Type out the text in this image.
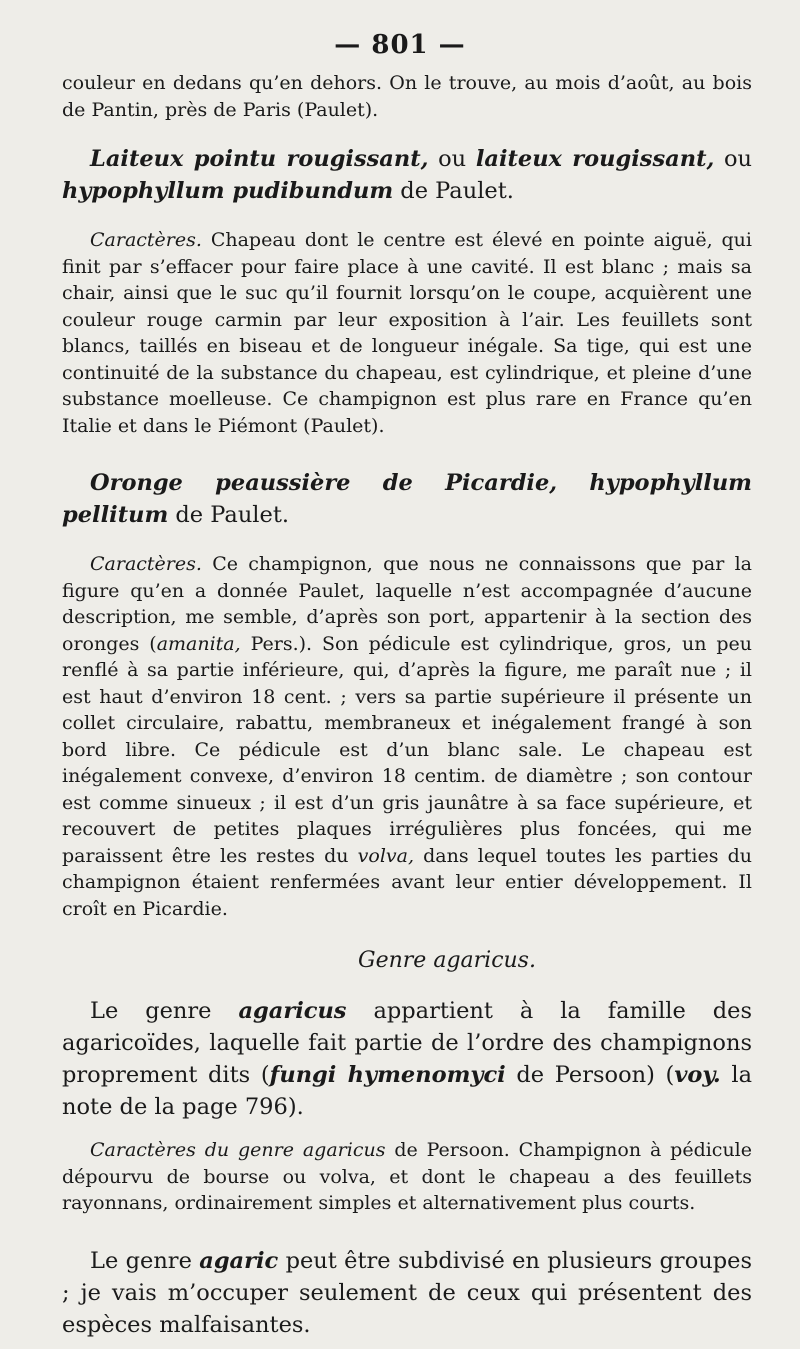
— 801 —

couleur en dedans qu’en dehors. On le trouve, au mois d’août, au bois de Pantin, près de Paris (Paulet).

Laiteux pointu rougissant, ou laiteux rougissant, ou hypophyllum pudibundum de Paulet.

Caractères. Chapeau dont le centre est élevé en pointe aiguë, qui finit par s’effacer pour faire place à une cavité. Il est blanc ; mais sa chair, ainsi que le suc qu’il fournit lorsqu’on le coupe, acquièrent une couleur rouge carmin par leur exposition à l’air. Les feuillets sont blancs, taillés en biseau et de longueur inégale. Sa tige, qui est une continuité de la substance du chapeau, est cylindrique, et pleine d’une substance moelleuse. Ce champignon est plus rare en France qu’en Italie et dans le Piémont (Paulet).

Oronge peaussière de Picardie, hypophyllum pellitum de Paulet.

Caractères. Ce champignon, que nous ne connaissons que par la figure qu’en a donnée Paulet, laquelle n’est accompagnée d’aucune description, me semble, d’après son port, appartenir à la section des oronges (amanita, Pers.). Son pédicule est cylindrique, gros, un peu renflé à sa partie inférieure, qui, d’après la figure, me paraît nue ; il est haut d’environ 18 cent. ; vers sa partie supérieure il présente un collet circulaire, rabattu, membraneux et inégalement frangé à son bord libre. Ce pédicule est d’un blanc sale. Le chapeau est inégalement convexe, d’environ 18 centim. de diamètre ; son contour est comme sinueux ; il est d’un gris jaunâtre à sa face supérieure, et recouvert de petites plaques irrégulières plus foncées, qui me paraissent être les restes du volva, dans lequel toutes les parties du champignon étaient renfermées avant leur entier développement. Il croît en Picardie.

Genre agaricus.

Le genre agaricus appartient à la famille des agaricoïdes, laquelle fait partie de l’ordre des champignons proprement dits (fungi hymenomyci de Persoon) (voy. la note de la page 796).

Caractères du genre agaricus de Persoon. Champignon à pédicule dépourvu de bourse ou volva, et dont le chapeau a des feuillets rayonnans, ordinairement simples et alternativement plus courts.

Le genre agaric peut être subdivisé en plusieurs groupes ; je vais m’occuper seulement de ceux qui présentent des espèces malfaisantes.
